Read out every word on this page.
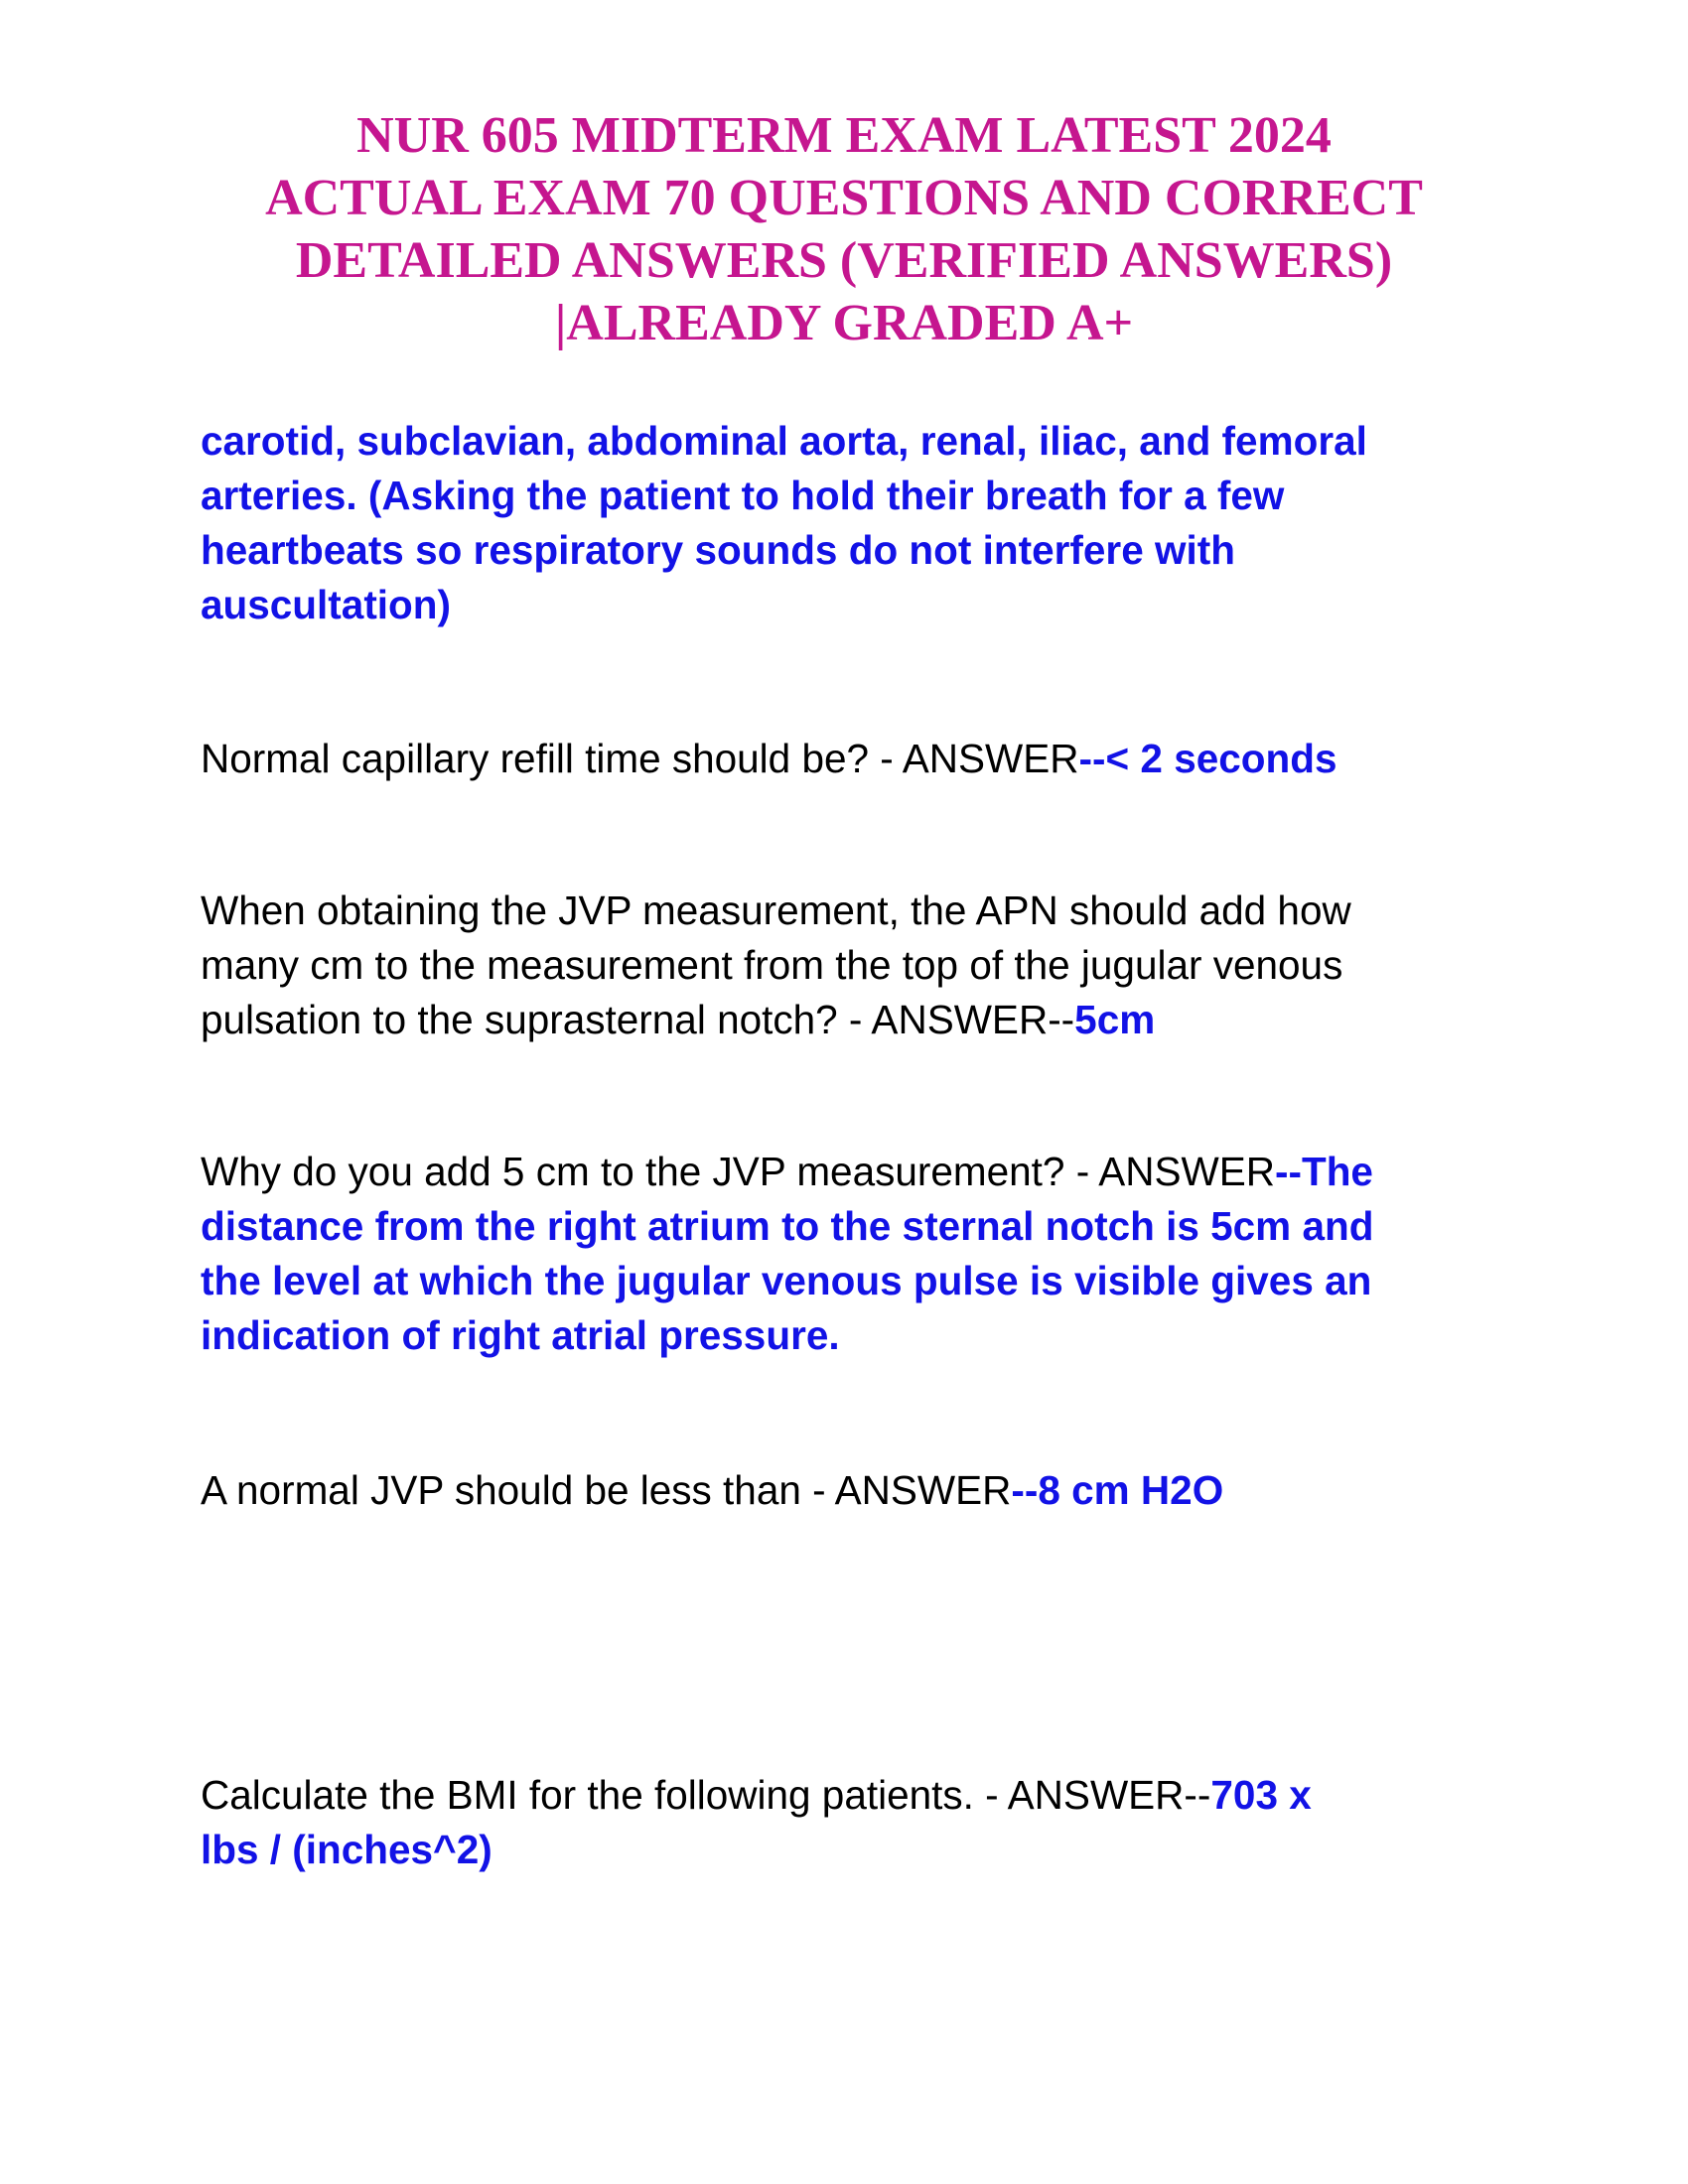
NUR 605 MIDTERM EXAM LATEST 2024
ACTUAL EXAM 70 QUESTIONS AND CORRECT
DETAILED ANSWERS (VERIFIED ANSWERS)
|ALREADY GRADED A+
carotid, subclavian, abdominal aorta, renal, iliac, and femoral
arteries. (Asking the patient to hold their breath for a few
heartbeats so respiratory sounds do not interfere with
auscultation)
Normal capillary refill time should be? - ANSWER--< 2 seconds
When obtaining the JVP measurement, the APN should add how
many cm to the measurement from the top of the jugular venous
pulsation to the suprasternal notch? - ANSWER--5cm
Why do you add 5 cm to the JVP measurement? - ANSWER--The
distance from the right atrium to the sternal notch is 5cm and
the level at which the jugular venous pulse is visible gives an
indication of right atrial pressure.
A normal JVP should be less than - ANSWER--8 cm H2O
Calculate the BMI for the following patients. - ANSWER--703 x
lbs / (inches^2)
